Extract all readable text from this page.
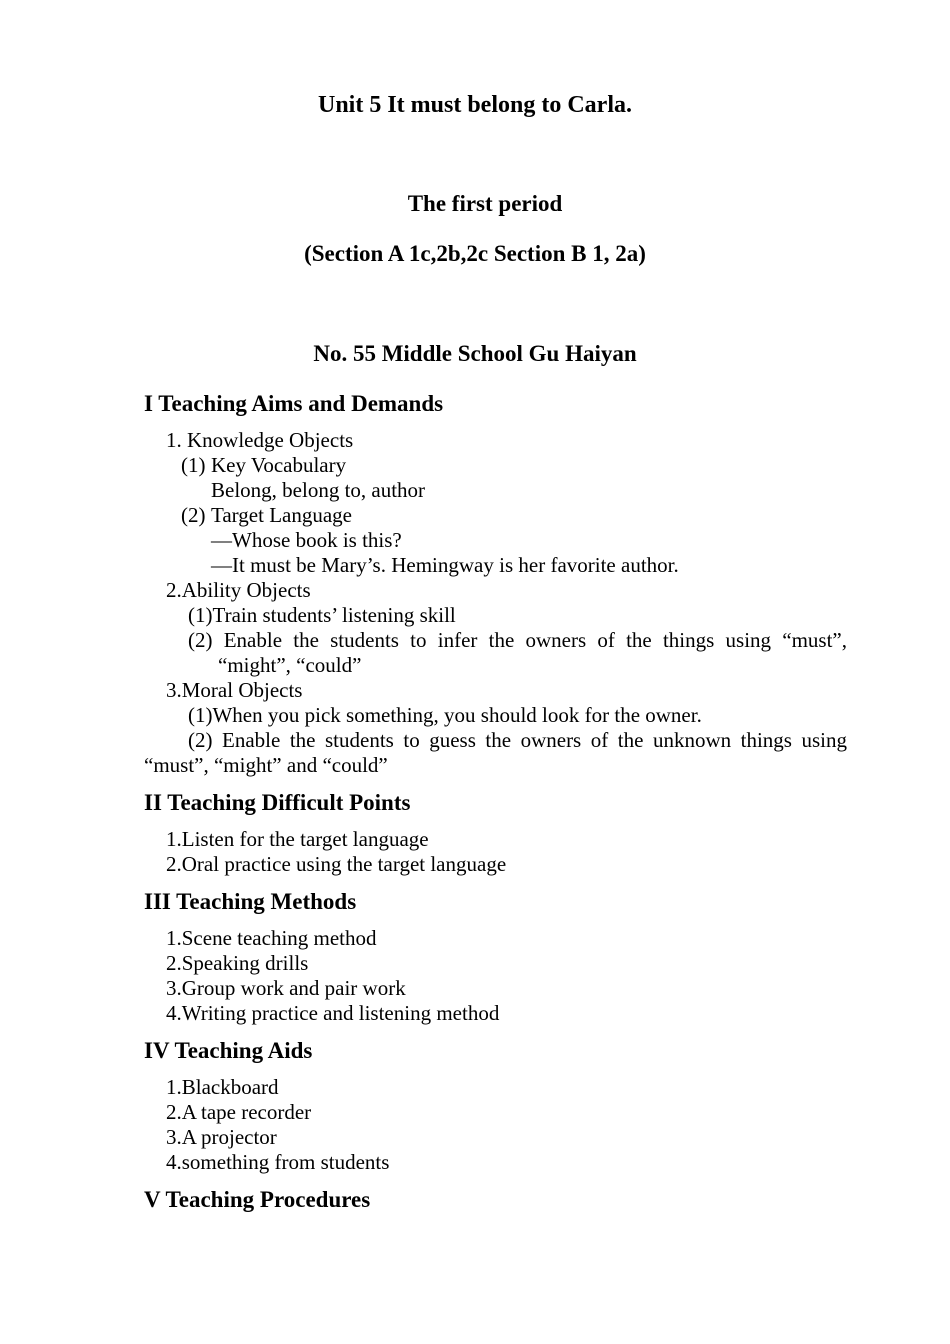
Unit 5 It must belong to Carla.
The first period
(Section A 1c,2b,2c Section B 1, 2a)
No. 55 Middle School Gu Haiyan
I Teaching Aims and Demands
1. Knowledge Objects
(1) Key Vocabulary
Belong, belong to, author
(2) Target Language
—Whose book is this?
—It must be Mary’s. Hemingway is her favorite author.
2.Ability Objects
(1)Train students’ listening skill
(2) Enable the students to infer the owners of the things using “must”,
“might”, “could”
3.Moral Objects
(1)When you pick something, you should look for the owner.
(2) Enable the students to guess the owners of the unknown things using
“must”, “might” and “could”
II Teaching Difficult Points
1.Listen for the target language
2.Oral practice using the target language
III Teaching Methods
1.Scene teaching method
2.Speaking drills
3.Group work and pair work
4.Writing practice and listening method
IV Teaching Aids
1.Blackboard
2.A tape recorder
3.A projector
4.something from students
V Teaching Procedures
